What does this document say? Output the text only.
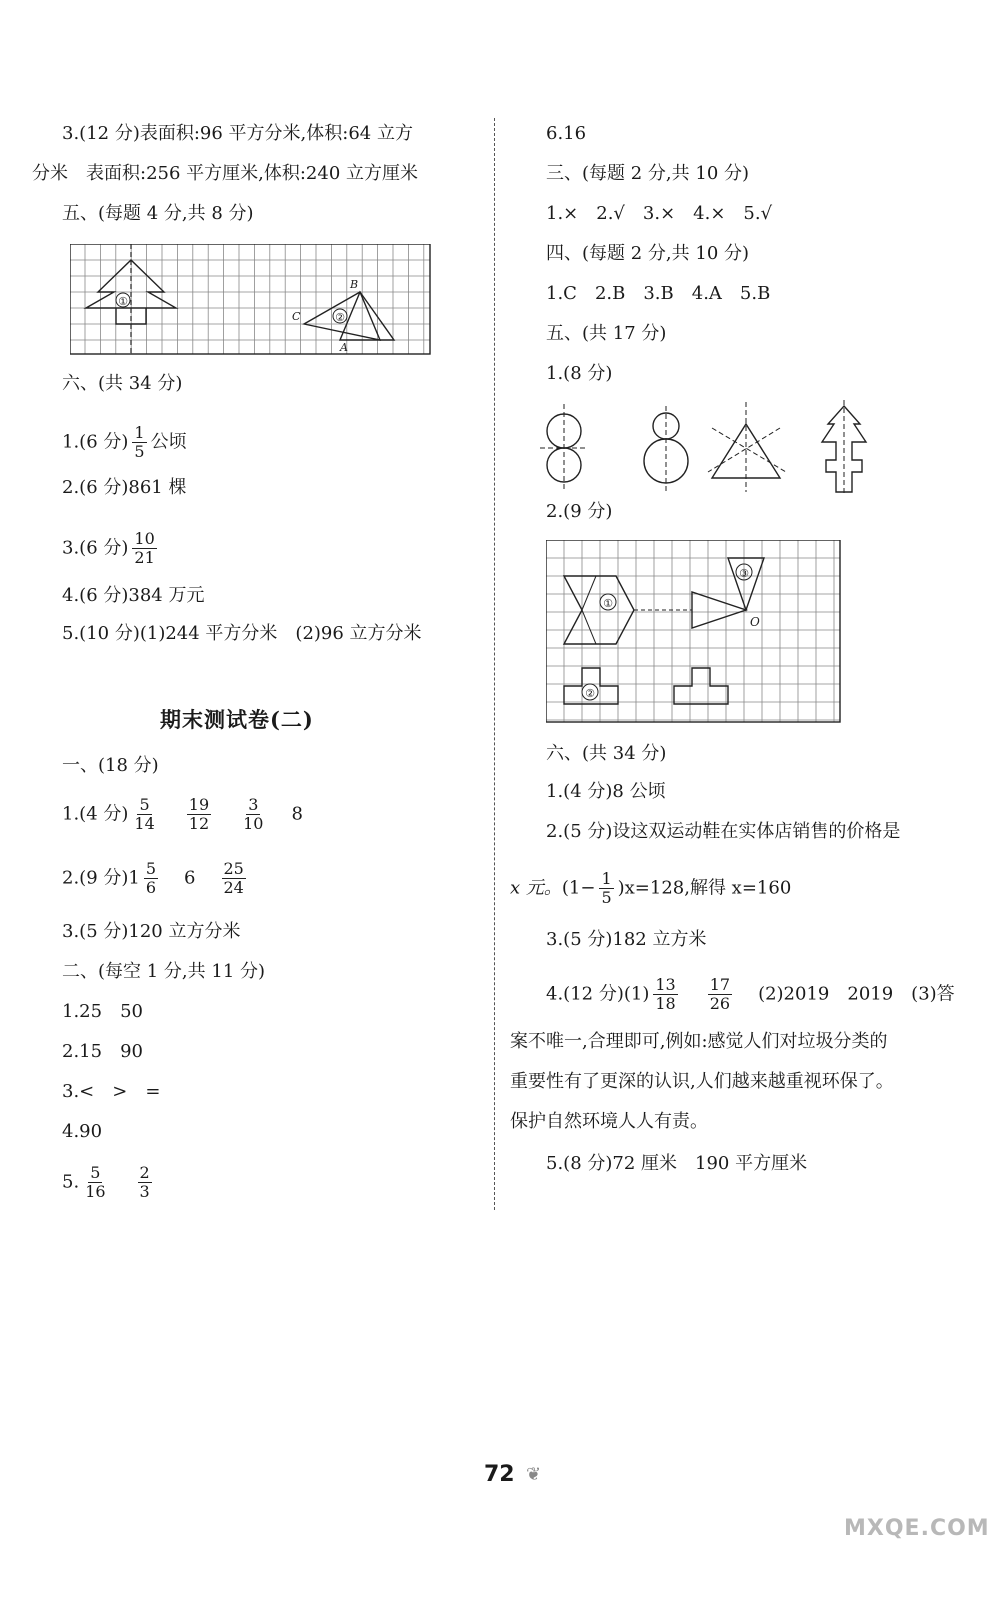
3.(12 分)表面积:96 平方分米,体积:64 立方
分米　表面积:256 平方厘米,体积:240 立方厘米
五、(每题 4 分,共 8 分)
①
②
B
C
A
六、(共 34 分)
1.(6 分) $\frac{1}{5}$ 公顷
2.(6 分)861 棵
3.(6 分) $\frac{10}{21}$
4.(6 分)384 万元
5.(10 分)(1)244 平方分米　(2)96 立方分米
期末测试卷(二)
一、(18 分)
1.(4 分) $\frac{5}{14} \frac{19}{12} \frac{3}{10} 8$
2.(9 分)$1 \frac{5}{6} 6 \frac{25}{24}$
3.(5 分)120 立方分米
二、(每空 1 分,共 11 分)
1.25　50
2.15　90
3.<　>　=
4.90
5. $\frac{5}{16} \frac{2}{3}$
6.16
三、(每题 2 分,共 10 分)
1.×　2.√　3.×　4.×　5.√
四、(每题 2 分,共 10 分)
1.C　2.B　3.B　4.A　5.B
五、(共 17 分)
1.(8 分)
2.(9 分)
①
③
O
②
六、(共 34 分)
1.(4 分)8 公顷
2.(5 分)设这双运动鞋在实体店销售的价格是
x 元。$(1- \frac{1}{5} )x=128$,解得 x=160
3.(5 分)182 立方米
4.(12 分)$(1) \frac{13}{18} \frac{17}{26} (2)2019$　2019　(3)答
案不唯一,合理即可,例如:感觉人们对垃圾分类的
重要性有了更深的认识,人们越来越重视环保了。
保护自然环境人人有责。
5.(8 分)72 厘米　190 平方厘米
72 ❦
MXQE.COM
